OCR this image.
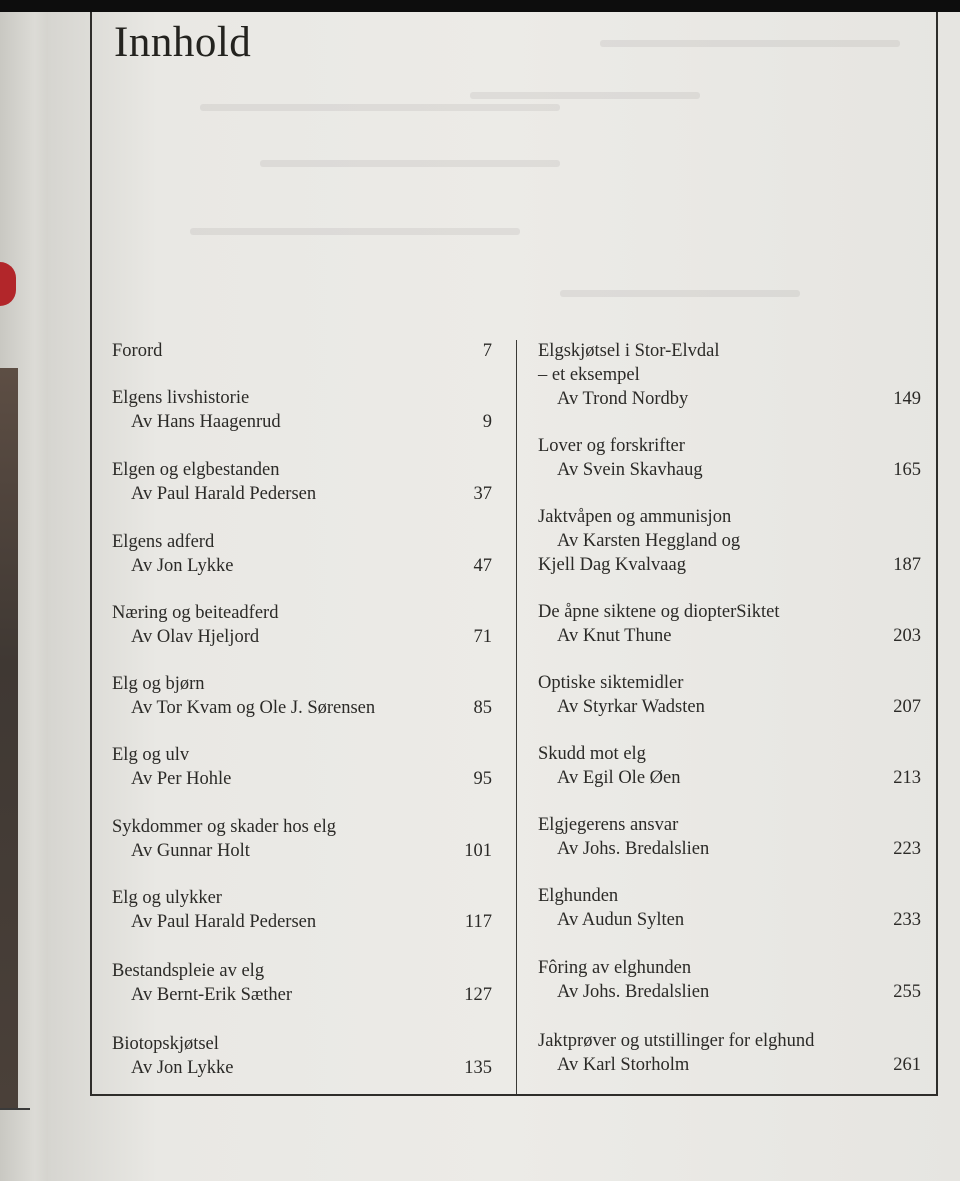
Innhold
Forord	7
Elgens livshistorie
Av Hans Haagenrud	9
Elgen og elgbestanden
Av Paul Harald Pedersen	37
Elgens adferd
Av Jon Lykke	47
Næring og beiteadferd
Av Olav Hjeljord	71
Elg og bjørn
Av Tor Kvam og Ole J. Sørensen	85
Elg og ulv
Av Per Hohle	95
Sykdommer og skader hos elg
Av Gunnar Holt	101
Elg og ulykker
Av Paul Harald Pedersen	117
Bestandspleie av elg
Av Bernt-Erik Sæther	127
Biotopskjøtsel
Av Jon Lykke	135
Elgskjøtsel i Stor-Elvdal
– et eksempel
Av Trond Nordby	149
Lover og forskrifter
Av Svein Skavhaug	165
Jaktvåpen og ammunisjon
Av Karsten Heggland og
Kjell Dag Kvalvaag	187
De åpne siktene og diopterSiktet
Av Knut Thune	203
Optiske siktemidler
Av Styrkar Wadsten	207
Skudd mot elg
Av Egil Ole Øen	213
Elgjegerens ansvar
Av Johs. Bredalslien	223
Elghunden
Av Audun Sylten	233
Fôring av elghunden
Av Johs. Bredalslien	255
Jaktprøver og utstillinger for elghund
Av Karl Storholm	261
